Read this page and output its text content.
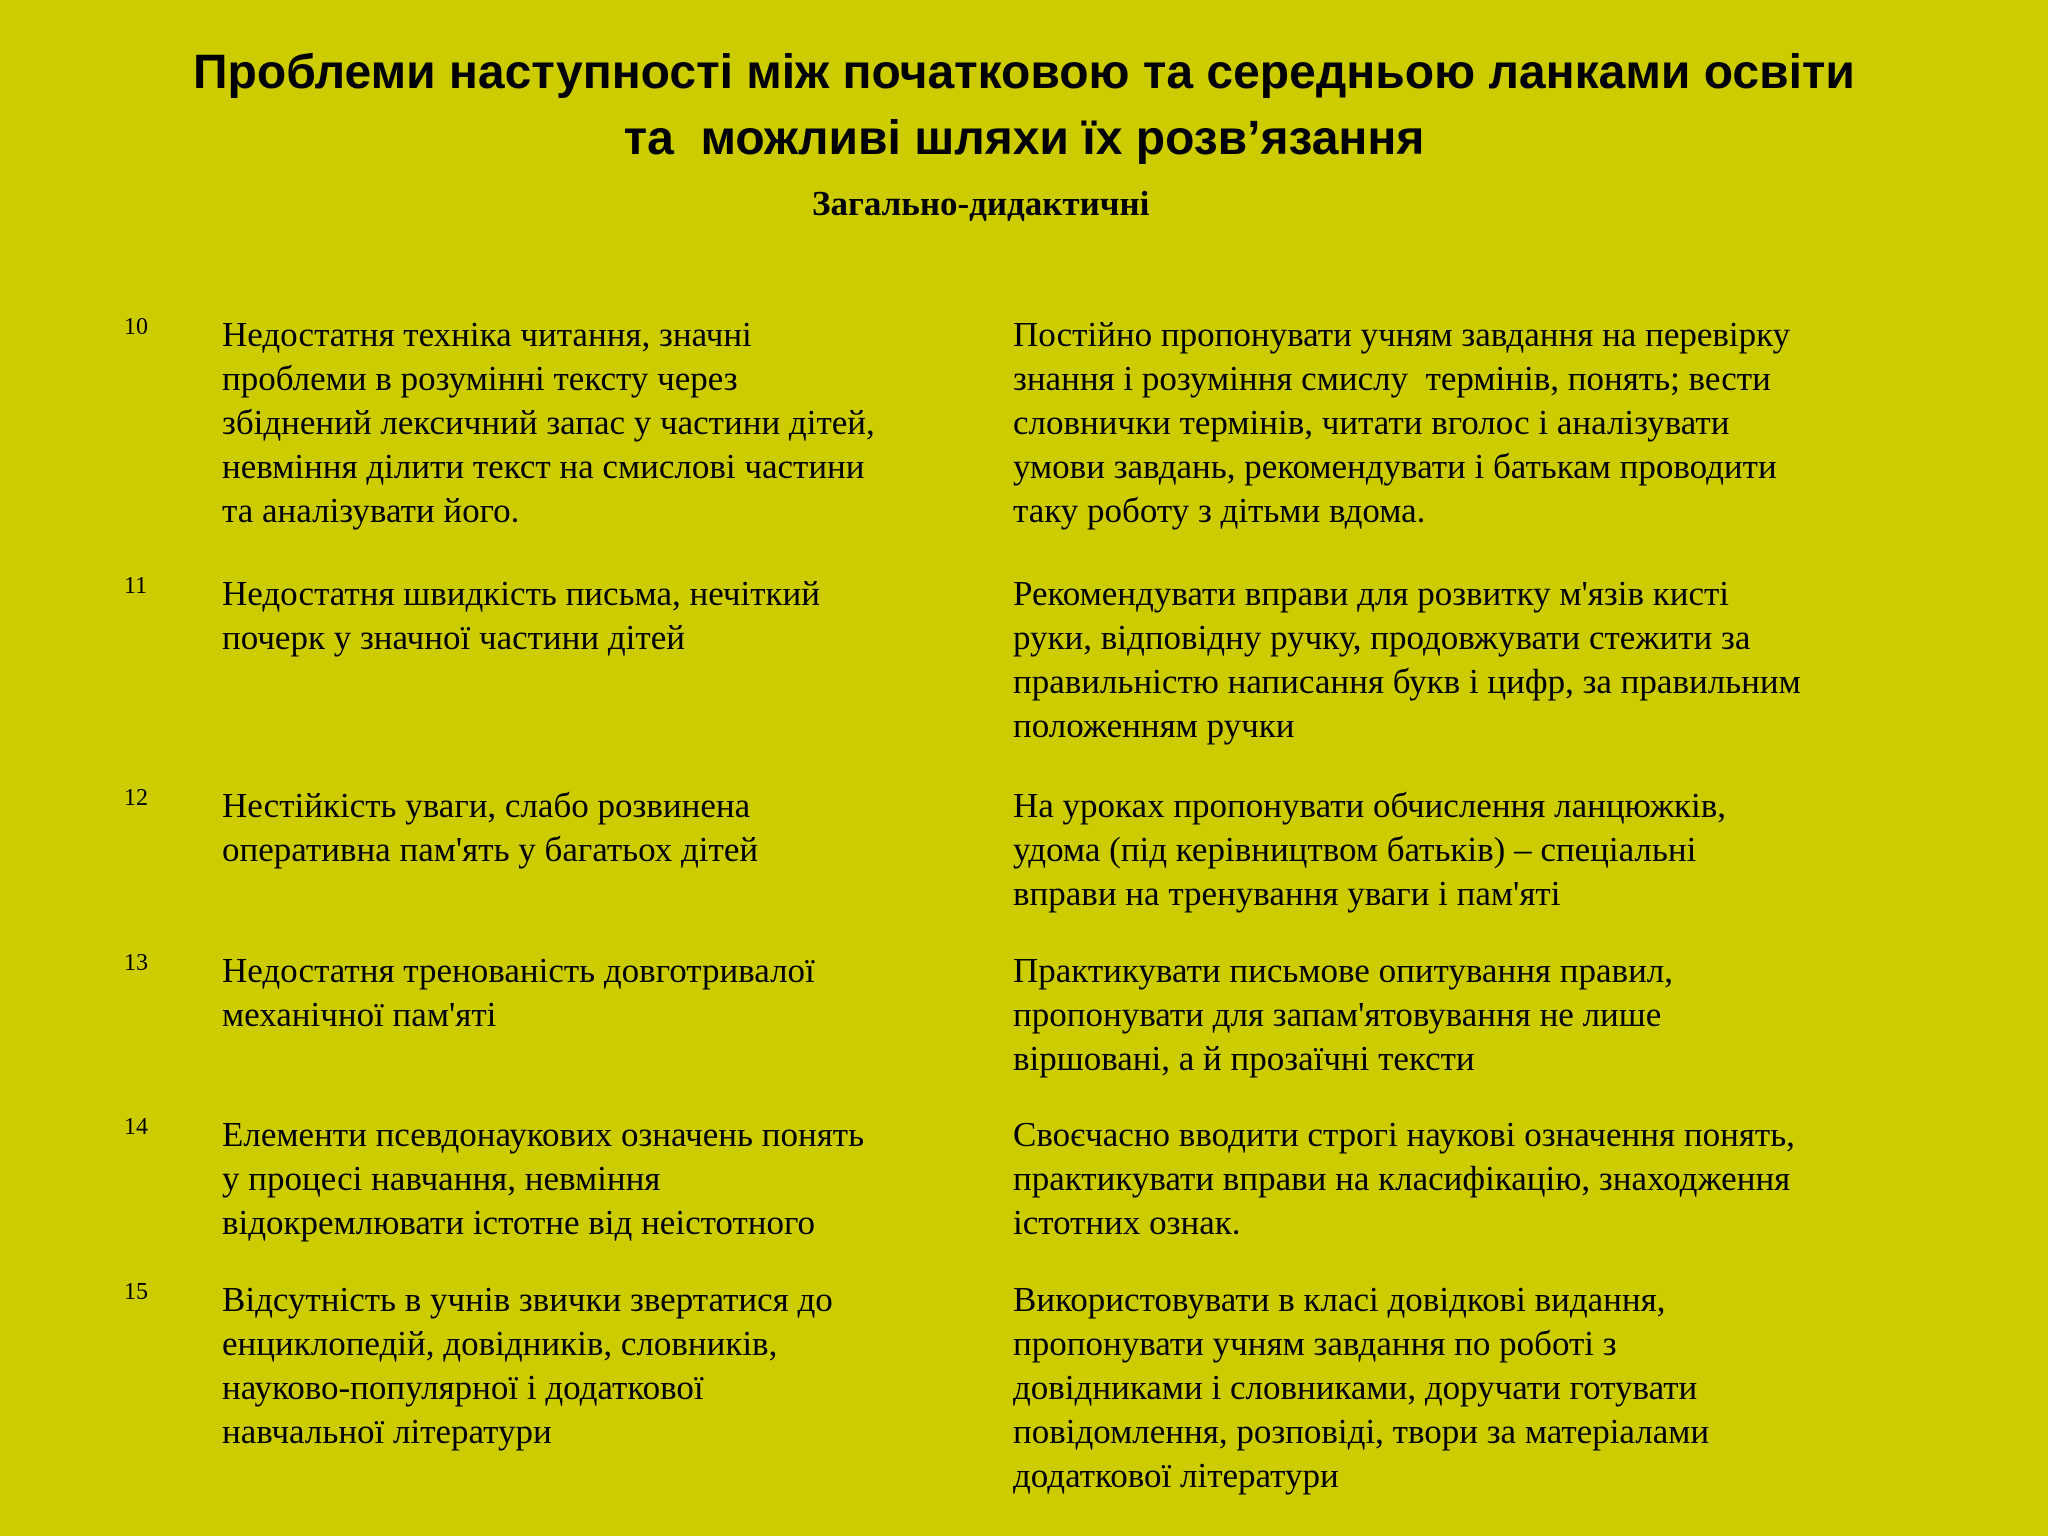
Проблеми наступності між початковою та середньою ланками освіти
та  можливі шляхи їх розв’язання
Загально-дидактичні
10 Недостатня техніка читання, значні
проблеми в розумінні тексту через
збіднений лексичний запас у частини дітей,
невміння ділити текст на смислові частини
та аналізувати його.
Постійно пропонувати учням завдання на перевірку
знання і розуміння смислу  термінів, понять; вести
словнички термінів, читати вголос і аналізувати
умови завдань, рекомендувати і батькам проводити
таку роботу з дітьми вдома.
11 Недостатня швидкість письма, нечіткий
почерк у значної частини дітей
Рекомендувати вправи для розвитку м'язів кисті
руки, відповідну ручку, продовжувати стежити за
правильністю написання букв і цифр, за правильним
положенням ручки
12 Нестійкість уваги, слабо розвинена
оперативна пам'ять у багатьох дітей
На уроках пропонувати обчислення ланцюжків,
удома (під керівництвом батьків) – спеціальні
вправи на тренування уваги і пам'яті
13 Недостатня тренованість довготривалої
механічної пам'яті
Практикувати письмове опитування правил,
пропонувати для запам'ятовування не лише
віршовані, а й прозаїчні тексти
14 Елементи псевдонаукових означень понять
у процесі навчання, невміння
відокремлювати істотне від неістотного
Своєчасно вводити строгі наукові означення понять,
практикувати вправи на класифікацію, знаходження
істотних ознак.
15 Відсутність в учнів звички звертатися до
енциклопедій, довідників, словників,
науково-популярної і додаткової
навчальної літератури
Використовувати в класі довідкові видання,
пропонувати учням завдання по роботі з
довідниками і словниками, доручати готувати
повідомлення, розповіді, твори за матеріалами
додаткової літератури
